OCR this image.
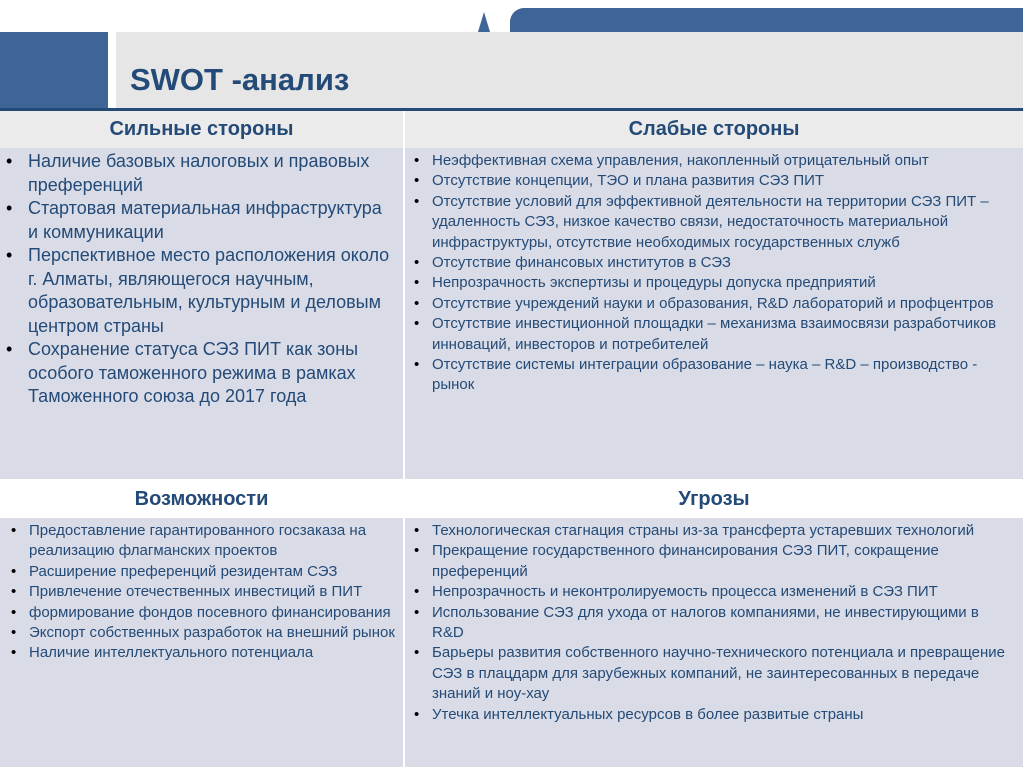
SWOT -анализ
Сильные стороны
• Наличие базовых налоговых и правовых преференций
• Стартовая материальная инфраструктура и коммуникации
• Перспективное место расположения около г. Алматы, являющегося научным, образовательным, культурным и деловым центром страны
• Сохранение статуса СЭЗ ПИТ как зоны особого таможенного режима в рамках Таможенного союза до 2017 года
Слабые стороны
• Неэффективная схема управления, накопленный отрицательный опыт
• Отсутствие концепции, ТЭО и плана развития СЭЗ ПИТ
• Отсутствие условий для эффективной деятельности на территории СЭЗ ПИТ – удаленность СЭЗ, низкое качество связи, недостаточность материальной инфраструктуры, отсутствие необходимых государственных служб
• Отсутствие финансовых институтов в СЭЗ
• Непрозрачность экспертизы и процедуры допуска предприятий
• Отсутствие учреждений науки и образования, R&D лабораторий и профцентров
• Отсутствие инвестиционной площадки – механизма взаимосвязи разработчиков инноваций, инвесторов и потребителей
• Отсутствие системы интеграции образование – наука – R&D – производство - рынок
Возможности
• Предоставление гарантированного госзаказа на реализацию флагманских проектов
• Расширение преференций резидентам СЭЗ
• Привлечение отечественных инвестиций в ПИТ
• формирование фондов посевного финансирования
• Экспорт собственных разработок на внешний рынок
• Наличие интеллектуального потенциала
Угрозы
• Технологическая стагнация страны из-за трансферта устаревших технологий
• Прекращение государственного финансирования СЭЗ ПИТ, сокращение преференций
• Непрозрачность и неконтролируемость процесса изменений в СЭЗ ПИТ
• Использование СЭЗ для ухода от налогов компаниями, не инвестирующими в R&D
• Барьеры развития собственного научно-технического потенциала и превращение СЭЗ в плацдарм для зарубежных компаний, не заинтересованных в передаче знаний и ноу-хау
• Утечка интеллектуальных ресурсов в более развитые страны
